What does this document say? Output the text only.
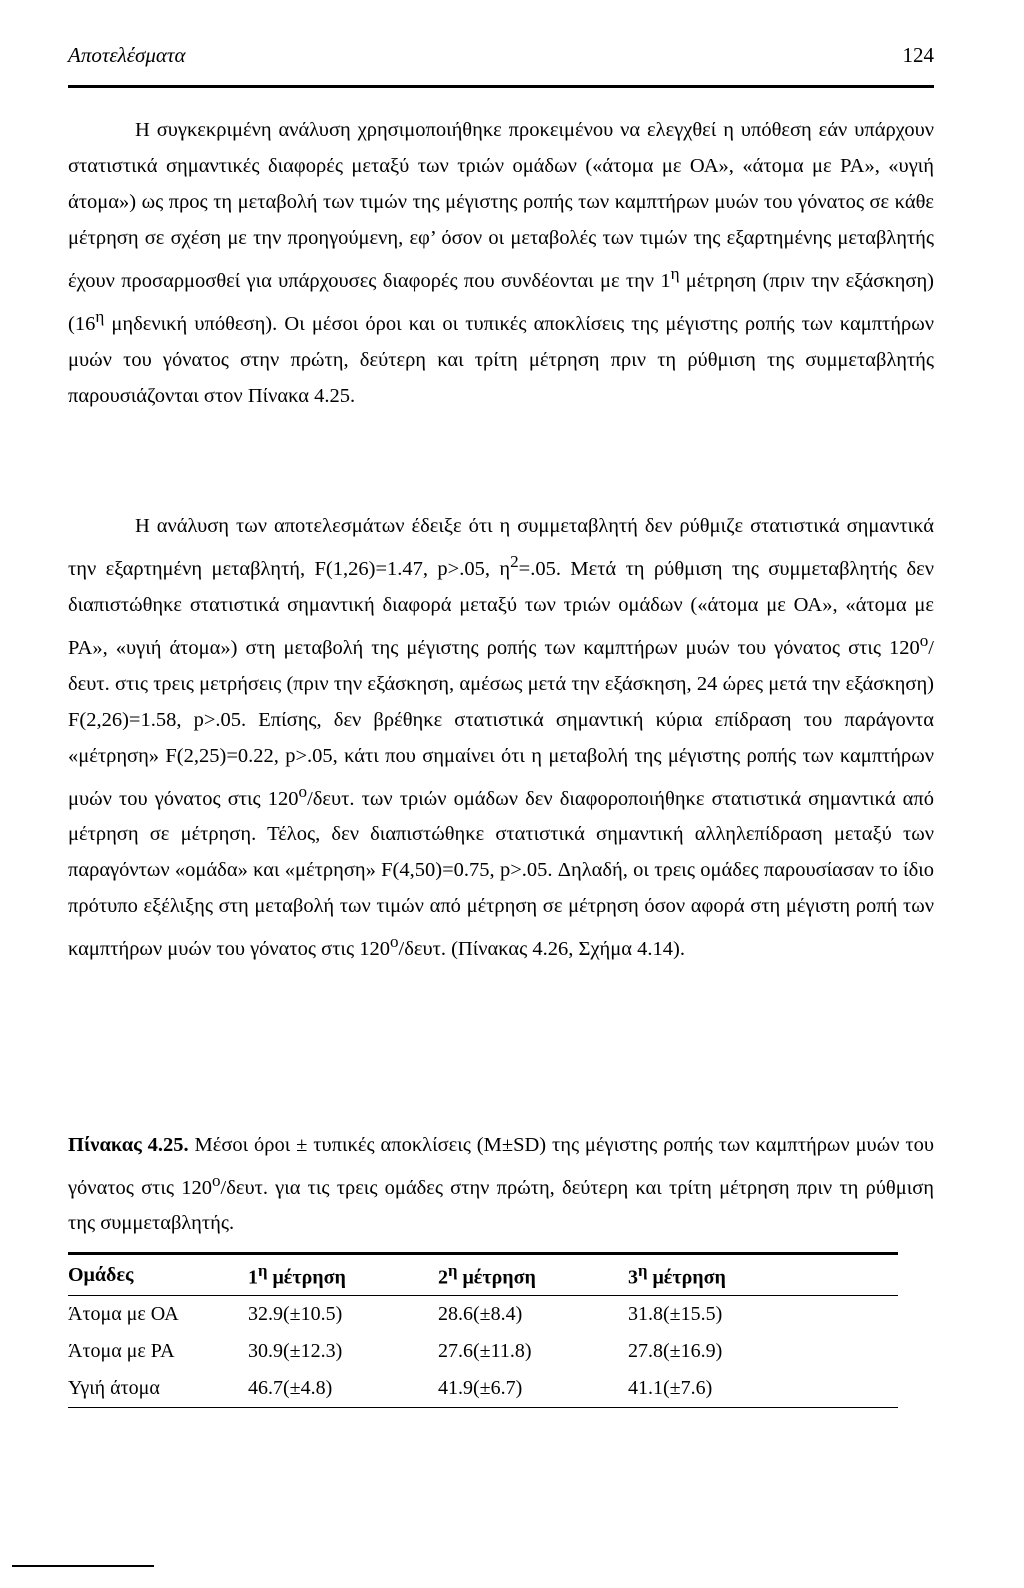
Αποτελέσματα	124

Η συγκεκριμένη ανάλυση χρησιμοποιήθηκε προκειμένου να ελεγχθεί η υπόθεση εάν υπάρχουν στατιστικά σημαντικές διαφορές μεταξύ των τριών ομάδων («άτομα με ΟΑ», «άτομα με ΡΑ», «υγιή άτομα») ως προς τη μεταβολή των τιμών της μέγιστης ροπής των καμπτήρων μυών του γόνατος σε κάθε μέτρηση σε σχέση με την προηγούμενη, εφ’ όσον οι μεταβολές των τιμών της εξαρτημένης μεταβλητής έχουν προσαρμοσθεί για υπάρχουσες διαφορές που συνδέονται με την $1^\eta$ μέτρηση (πριν την εξάσκηση) ($16^\eta$ μηδενική υπόθεση). Οι μέσοι όροι και οι τυπικές αποκλίσεις της μέγιστης ροπής των καμπτήρων μυών του γόνατος στην πρώτη, δεύτερη και τρίτη μέτρηση πριν τη ρύθμιση της συμμεταβλητής παρουσιάζονται στον Πίνακα 4.25.

Η ανάλυση των αποτελεσμάτων έδειξε ότι η συμμεταβλητή δεν ρύθμιζε στατιστικά σημαντικά την εξαρτημένη μεταβλητή, F(1,26)=1.47, p>.05, $\eta^2=.05$. Μετά τη ρύθμιση της συμμεταβλητής δεν διαπιστώθηκε στατιστικά σημαντική διαφορά μεταξύ των τριών ομάδων («άτομα με ΟΑ», «άτομα με ΡΑ», «υγιή άτομα») στη μεταβολή της μέγιστης ροπής των καμπτήρων μυών του γόνατος στις $120^o$/δευτ. στις τρεις μετρήσεις (πριν την εξάσκηση, αμέσως μετά την εξάσκηση, 24 ώρες μετά την εξάσκηση) F(2,26)=1.58, p>.05. Επίσης, δεν βρέθηκε στατιστικά σημαντική κύρια επίδραση του παράγοντα «μέτρηση» F(2,25)=0.22, p>.05, κάτι που σημαίνει ότι η μεταβολή της μέγιστης ροπής των καμπτήρων μυών του γόνατος στις $120^o$/δευτ. των τριών ομάδων δεν διαφοροποιήθηκε στατιστικά σημαντικά από μέτρηση σε μέτρηση. Τέλος, δεν διαπιστώθηκε στατιστικά σημαντική αλληλεπίδραση μεταξύ των παραγόντων «ομάδα» και «μέτρηση» F(4,50)=0.75, p>.05. Δηλαδή, οι τρεις ομάδες παρουσίασαν το ίδιο πρότυπο εξέλιξης στη μεταβολή των τιμών από μέτρηση σε μέτρηση όσον αφορά στη μέγιστη ροπή των καμπτήρων μυών του γόνατος στις $120^o$/δευτ. (Πίνακας 4.26, Σχήμα 4.14).

Πίνακας 4.25. Μέσοι όροι ± τυπικές αποκλίσεις (M±SD) της μέγιστης ροπής των καμπτήρων μυών του γόνατος στις $120^o$/δευτ. για τις τρεις ομάδες στην πρώτη, δεύτερη και τρίτη μέτρηση πριν τη ρύθμιση της συμμεταβλητής.

Ομάδες	$1^\eta$ μέτρηση	$2^\eta$ μέτρηση	$3^\eta$ μέτρηση
Άτομα με ΟΑ	32.9(±10.5)	28.6(±8.4)	31.8(±15.5)
Άτομα με ΡΑ	30.9(±12.3)	27.6(±11.8)	27.8(±16.9)
Υγιή άτομα	46.7(±4.8)	41.9(±6.7)	41.1(±7.6)
